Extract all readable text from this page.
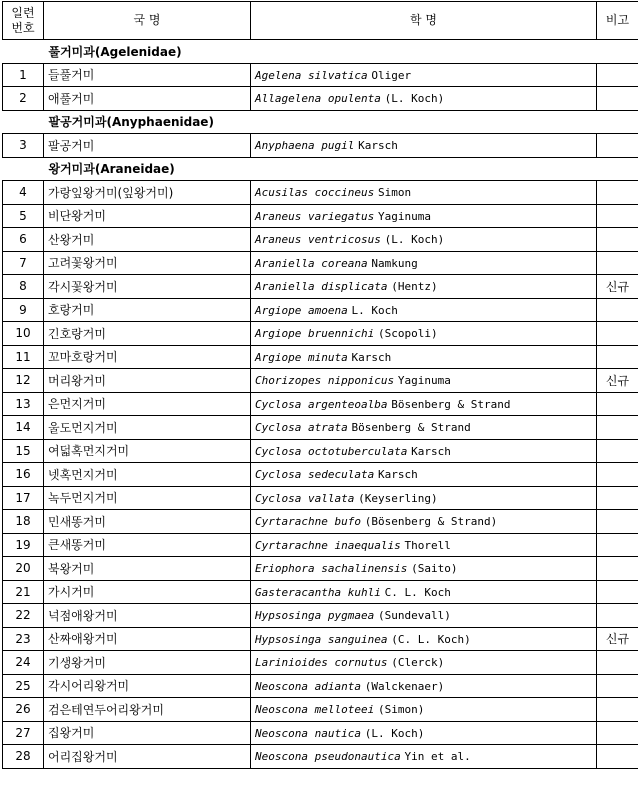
일련
번호	국 명	학 명	비고
풀거미과(Agelenidae)			
1	들풀거미	Agelena silvatica Oliger	
2	애풀거미	Allagelena opulenta (L. Koch)	
팔공거미과(Anyphaenidae)			
3	팔공거미	Anyphaena pugil Karsch	
왕거미과(Araneidae)			
4	가랑잎왕거미(잎왕거미)	Acusilas coccineus Simon	
5	비단왕거미	Araneus variegatus Yaginuma	
6	산왕거미	Araneus ventricosus (L. Koch)	
7	고려꽃왕거미	Araniella coreana Namkung	
8	각시꽃왕거미	Araniella displicata (Hentz)	신규
9	호랑거미	Argiope amoena L. Koch	
10	긴호랑거미	Argiope bruennichi (Scopoli)	
11	꼬마호랑거미	Argiope minuta Karsch	
12	머리왕거미	Chorizopes nipponicus Yaginuma	신규
13	은먼지거미	Cyclosa argenteoalba Bösenberg & Strand	
14	울도먼지거미	Cyclosa atrata Bösenberg & Strand	
15	여덟혹먼지거미	Cyclosa octotuberculata Karsch	
16	넷혹먼지거미	Cyclosa sedeculata Karsch	
17	녹두먼지거미	Cyclosa vallata (Keyserling)	
18	민새똥거미	Cyrtarachne bufo (Bösenberg & Strand)	
19	큰새똥거미	Cyrtarachne inaequalis Thorell	
20	북왕거미	Eriophora sachalinensis (Saito)	
21	가시거미	Gasteracantha kuhli C. L. Koch	
22	넉점애왕거미	Hypsosinga pygmaea (Sundevall)	
23	산짜애왕거미	Hypsosinga sanguinea (C. L. Koch)	신규
24	기생왕거미	Larinioides cornutus (Clerck)	
25	각시어리왕거미	Neoscona adianta (Walckenaer)	
26	검은테연두어리왕거미	Neoscona melloteei (Simon)	
27	집왕거미	Neoscona nautica (L. Koch)	
28	어리집왕거미	Neoscona pseudonautica Yin et al.	
